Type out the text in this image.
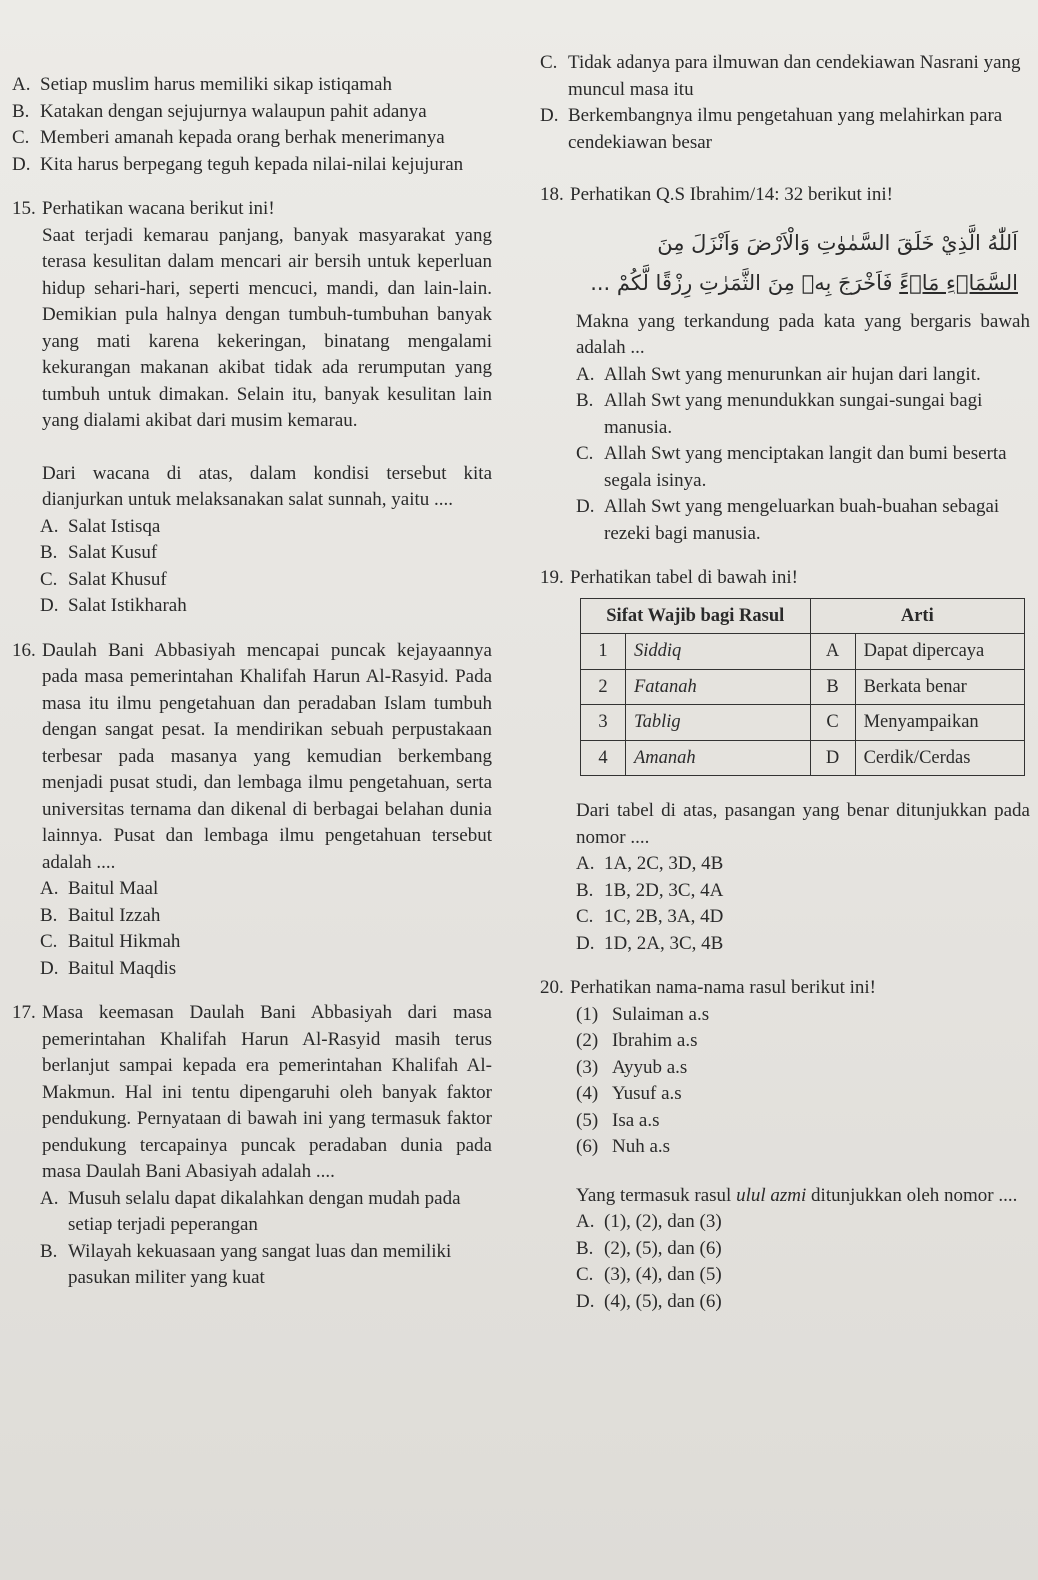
A. Setiap muslim harus memiliki sikap istiqamah
B. Katakan dengan sejujurnya walaupun pahit adanya
C. Memberi amanah kepada orang berhak menerimanya
D. Kita harus berpegang teguh kepada nilai-nilai kejujuran
15. Perhatikan wacana berikut ini!
Saat terjadi kemarau panjang, banyak masyarakat yang terasa kesulitan dalam mencari air bersih untuk keperluan hidup sehari-hari, seperti mencuci, mandi, dan lain-lain. Demikian pula halnya dengan tumbuh-tumbuhan banyak yang mati karena kekeringan, binatang mengalami kekurangan makanan akibat tidak ada rerumputan yang tumbuh untuk dimakan. Selain itu, banyak kesulitan lain yang dialami akibat dari musim kemarau.
Dari wacana di atas, dalam kondisi tersebut kita dianjurkan untuk melaksanakan salat sunnah, yaitu ....
A. Salat Istisqa
B. Salat Kusuf
C. Salat Khusuf
D. Salat Istikharah
16. Daulah Bani Abbasiyah mencapai puncak kejayaannya pada masa pemerintahan Khalifah Harun Al-Rasyid. Pada masa itu ilmu pengetahuan dan peradaban Islam tumbuh dengan sangat pesat. Ia mendirikan sebuah perpustakaan terbesar pada masanya yang kemudian berkembang menjadi pusat studi, dan lembaga ilmu pengetahuan, serta universitas ternama dan dikenal di berbagai belahan dunia lainnya. Pusat dan lembaga ilmu pengetahuan tersebut adalah ....
A. Baitul Maal
B. Baitul Izzah
C. Baitul Hikmah
D. Baitul Maqdis
17. Masa keemasan Daulah Bani Abbasiyah dari masa pemerintahan Khalifah Harun Al-Rasyid masih terus berlanjut sampai kepada era pemerintahan Khalifah Al-Makmun. Hal ini tentu dipengaruhi oleh banyak faktor pendukung. Pernyataan di bawah ini yang termasuk faktor pendukung tercapainya puncak peradaban dunia pada masa Daulah Bani Abasiyah adalah ....
A. Musuh selalu dapat dikalahkan dengan mudah pada setiap terjadi peperangan
B. Wilayah kekuasaan yang sangat luas dan memiliki pasukan militer yang kuat
C. Tidak adanya para ilmuwan dan cendekiawan Nasrani yang muncul masa itu
D. Berkembangnya ilmu pengetahuan yang melahirkan para cendekiawan besar
18. Perhatikan Q.S Ibrahim/14: 32 berikut ini!
اَللّٰهُ الَّذِيْ خَلَقَ السَّمٰوٰتِ وَالْاَرْضَ وَاَنْزَلَ مِنَ
السَّمَاۤءِ مَاۤءً فَاَخْرَجَ بِهٖ مِنَ الثَّمَرٰتِ رِزْقًا لَّكُمْ ...
Makna yang terkandung pada kata yang bergaris bawah adalah ...
A. Allah Swt yang menurunkan air hujan dari langit.
B. Allah Swt yang menundukkan sungai-sungai bagi manusia.
C. Allah Swt yang menciptakan langit dan bumi beserta segala isinya.
D. Allah Swt yang mengeluarkan buah-buahan sebagai rezeki bagi manusia.
19. Perhatikan tabel di bawah ini!
Sifat Wajib bagi Rasul		Arti	
1	Siddiq	A	Dapat dipercaya
2	Fatanah	B	Berkata benar
3	Tablig	C	Menyampaikan
4	Amanah	D	Cerdik/Cerdas
Dari tabel di atas, pasangan yang benar ditunjukkan pada nomor ....
A. 1A, 2C, 3D, 4B
B. 1B, 2D, 3C, 4A
C. 1C, 2B, 3A, 4D
D. 1D, 2A, 3C, 4B
20. Perhatikan nama-nama rasul berikut ini!
(1) Sulaiman a.s
(2) Ibrahim a.s
(3) Ayyub a.s
(4) Yusuf a.s
(5) Isa a.s
(6) Nuh a.s
Yang termasuk rasul ulul azmi ditunjukkan oleh nomor ....
A. (1), (2), dan (3)
B. (2), (5), dan (6)
C. (3), (4), dan (5)
D. (4), (5), dan (6)
